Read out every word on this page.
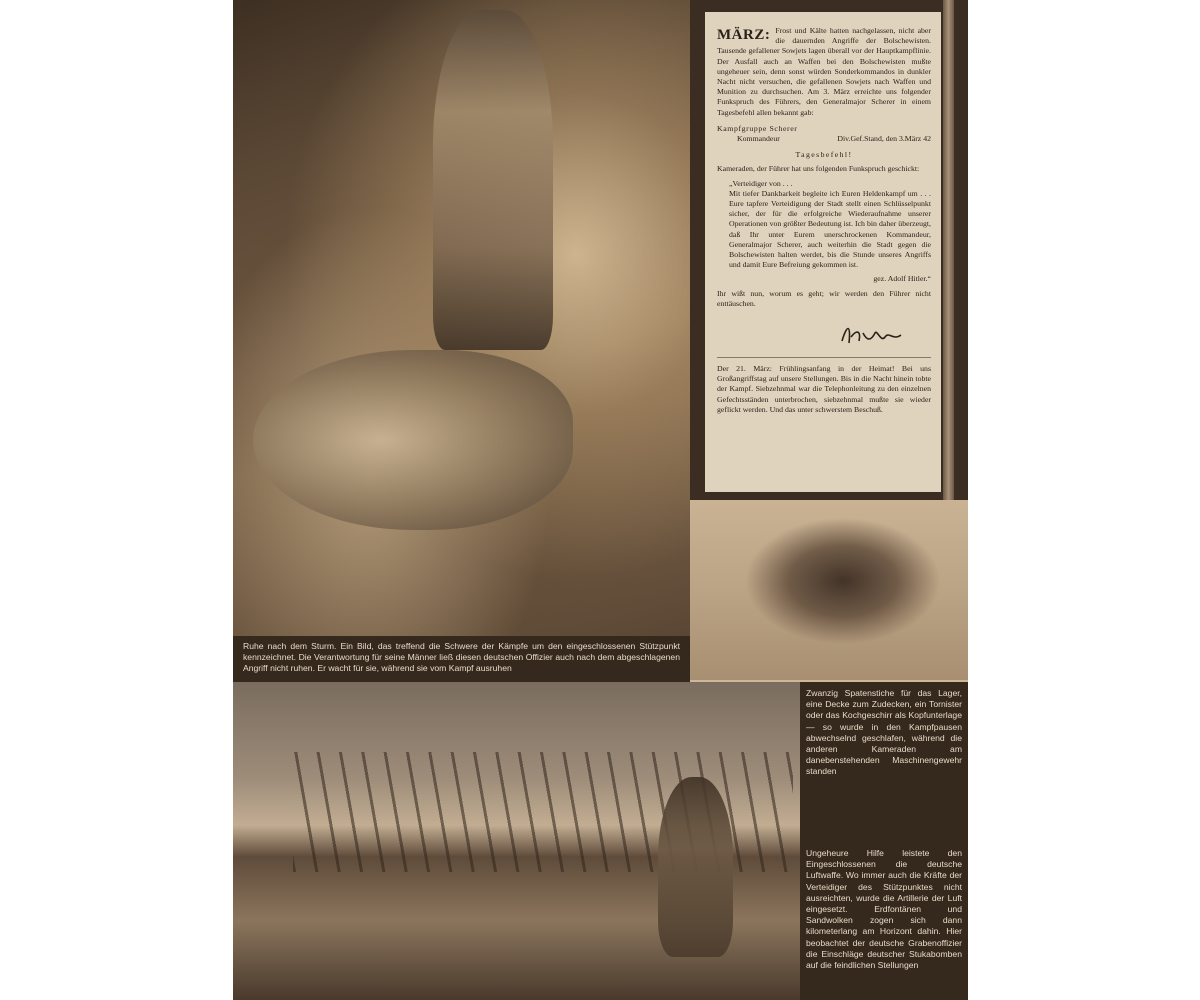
Ruhe nach dem Sturm. Ein Bild, das treffend die Schwere der Kämpfe um den eingeschlossenen Stützpunkt kennzeichnet. Die Verantwortung für seine Männer ließ diesen deutschen Offizier auch nach dem abgeschlagenen Angriff nicht ruhen. Er wacht für sie, während sie vom Kampf ausruhen
MÄRZ: Frost und Kälte hatten nachgelassen, nicht aber die dauernden Angriffe der Bolschewisten. Tausende gefallener Sowjets lagen überall vor der Hauptkampflinie. Der Ausfall auch an Waffen bei den Bolschewisten mußte ungeheuer sein, denn sonst würden Sonderkommandos in dunkler Nacht nicht versuchen, die gefallenen Sowjets nach Waffen und Munition zu durchsuchen. Am 3. März erreichte uns folgender Funkspruch des Führers, den Generalmajor Scherer in einem Tagesbefehl allen bekannt gab:
Kampfgruppe Scherer
Kommandeur	Div.Gef.Stand, den 3.März 42
Tagesbefehl!
Kameraden, der Führer hat uns folgenden Funkspruch geschickt:
„Verteidiger von . . .
Mit tiefer Dankbarkeit begleite ich Euren Heldenkampf um . . . Eure tapfere Verteidigung der Stadt stellt einen Schlüsselpunkt sicher, der für die erfolgreiche Wiederaufnahme unserer Operationen von größter Bedeutung ist. Ich bin daher überzeugt, daß Ihr unter Eurem unerschrockenen Kommandeur, Generalmajor Scherer, auch weiterhin die Stadt gegen die Bolschewisten halten werdet, bis die Stunde unseres Angriffs und damit Eure Befreiung gekommen ist.
gez. Adolf Hitler.“
Ihr wißt nun, worum es geht; wir werden den Führer nicht enttäuschen.
Der 21. März: Frühlingsanfang in der Heimat! Bei uns Großangriffstag auf unsere Stellungen. Bis in die Nacht hinein tobte der Kampf. Siebzehnmal war die Telephonleitung zu den einzelnen Gefechtsständen unterbrochen, siebzehnmal mußte sie wieder geflickt werden. Und das unter schwerstem Beschuß.
Zwanzig Spatenstiche für das Lager, eine Decke zum Zudecken, ein Tornister oder das Kochgeschirr als Kopfunterlage — so wurde in den Kampfpausen abwechselnd geschlafen, während die anderen Kameraden am danebenstehenden Maschinengewehr standen
Ungeheure Hilfe leistete den Eingeschlossenen die deutsche Luftwaffe. Wo immer auch die Kräfte der Verteidiger des Stützpunktes nicht ausreichten, wurde die Artillerie der Luft eingesetzt. Erdfontänen und Sandwolken zogen sich dann kilometerlang am Horizont dahin. Hier beobachtet der deutsche Grabenoffizier die Einschläge deutscher Stukabomben auf die feindlichen Stellungen
